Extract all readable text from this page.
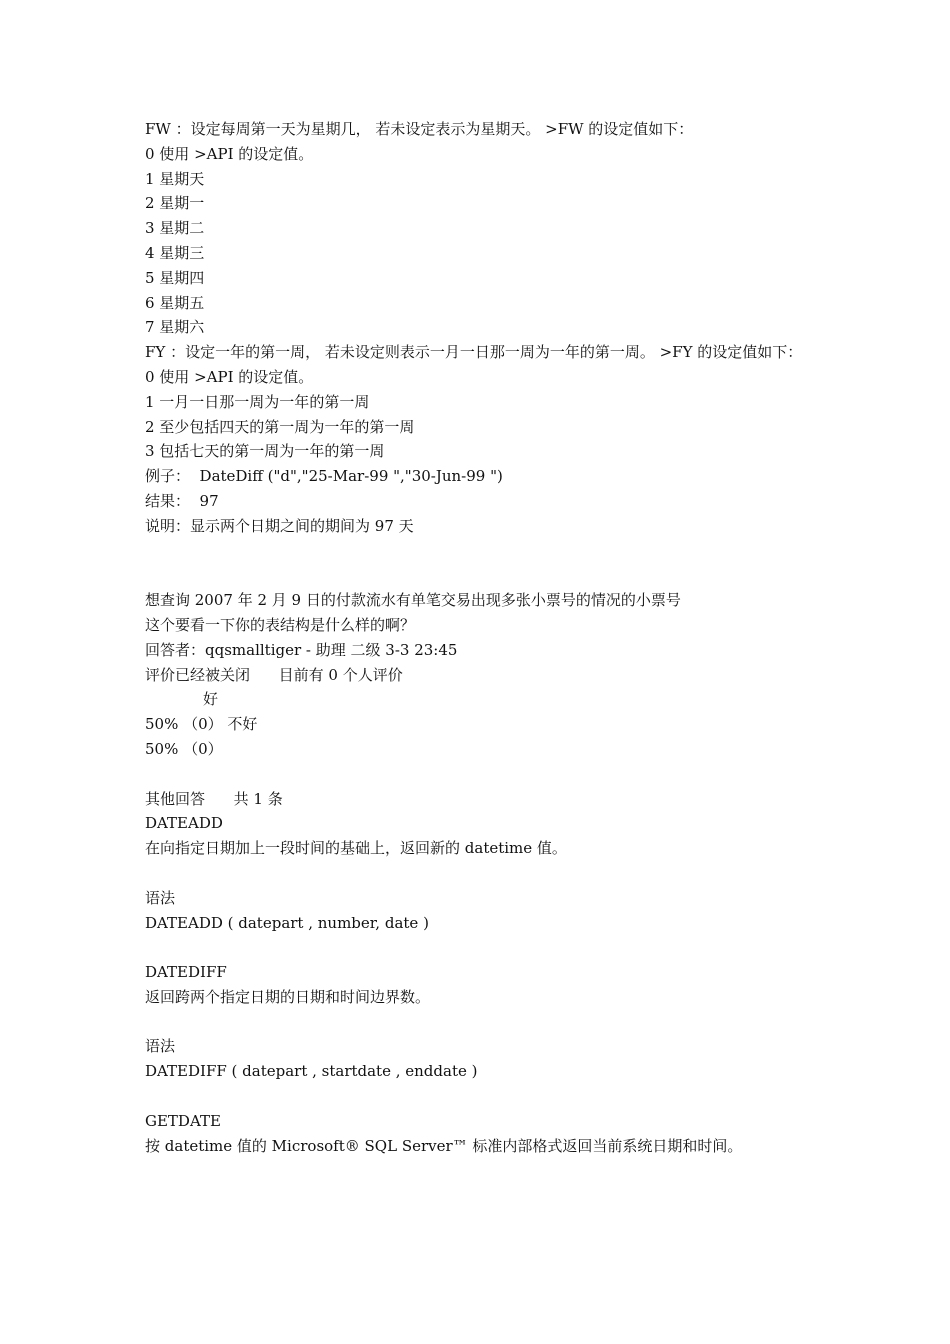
FW ：设定每周第一天为星期几， 若未设定表示为星期天。 >FW 的设定值如下：
0 使用 >API 的设定值。
1 星期天
2 星期一
3 星期二
4 星期三
5 星期四
6 星期五
7 星期六
FY ：设定一年的第一周， 若未设定则表示一月一日那一周为一年的第一周。 >FY 的设定值如下：
0 使用 >API 的设定值。
1 一月一日那一周为一年的第一周
2 至少包括四天的第一周为一年的第一周
3 包括七天的第一周为一年的第一周
例子：  DateDiff ("d","25-Mar-99 ","30-Jun-99 ")
结果：  97
说明：显示两个日期之间的期间为 97 天
想查询 2007 年 2 月 9 日的付款流水有单笔交易出现多张小票号的情况的小票号
这个要看一下你的表结构是什么样的啊？
回答者：qqsmalltiger - 助理 二级 3-3 23:45
评价已经被关闭      目前有 0 个人评价
好
50% （0） 不好
50% （0）
其他回答      共 1 条
DATEADD
在向指定日期加上一段时间的基础上，返回新的 datetime 值。
语法
DATEADD ( datepart , number, date )
DATEDIFF
返回跨两个指定日期的日期和时间边界数。
语法
DATEDIFF ( datepart , startdate , enddate )
GETDATE
按 datetime 值的 Microsoft® SQL Server™ 标准内部格式返回当前系统日期和时间。
